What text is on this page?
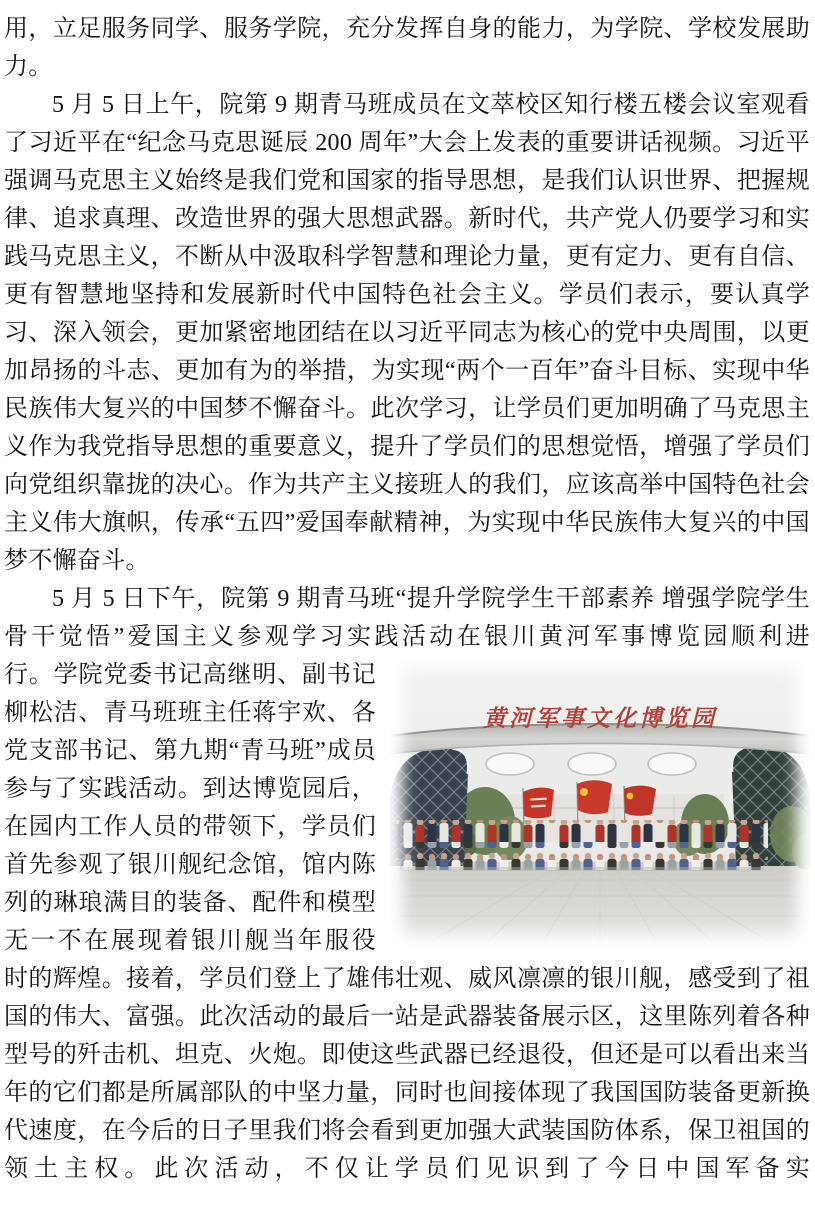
用，立足服务同学、服务学院，充分发挥自身的能力，为学院、学校发展助力。

5 月 5 日上午，院第 9 期青马班成员在文萃校区知行楼五楼会议室观看了习近平在“纪念马克思诞辰 200 周年”大会上发表的重要讲话视频。习近平强调马克思主义始终是我们党和国家的指导思想，是我们认识世界、把握规律、追求真理、改造世界的强大思想武器。新时代，共产党人仍要学习和实践马克思主义，不断从中汲取科学智慧和理论力量，更有定力、更有自信、更有智慧地坚持和发展新时代中国特色社会主义。学员们表示，要认真学习、深入领会，更加紧密地团结在以习近平同志为核心的党中央周围，以更加昂扬的斗志、更加有为的举措，为实现“两个一百年”奋斗目标、实现中华民族伟大复兴的中国梦不懈奋斗。此次学习，让学员们更加明确了马克思主义作为我党指导思想的重要意义，提升了学员们的思想觉悟，增强了学员们向党组织靠拢的决心。作为共产主义接班人的我们，应该高举中国特色社会主义伟大旗帜，传承“五四”爱国奉献精神，为实现中华民族伟大复兴的中国梦不懈奋斗。

5 月 5 日下午，院第 9 期青马班“提升学院学生干部素养 增强学院学生骨干觉悟”爱国主义参观学习实践活动在银川黄河军事博览园顺利进

黄河军事文化博览园

行。学院党委书记高继明、副书记柳松洁、青马班班主任蒋宇欢、各党支部书记、第九期“青马班”成员参与了实践活动。到达博览园后，在园内工作人员的带领下，学员们首先参观了银川舰纪念馆，馆内陈列的琳琅满目的装备、配件和模型无一不在展现着银川舰当年服役

时的辉煌。接着，学员们登上了雄伟壮观、威风凛凛的银川舰，感受到了祖国的伟大、富强。此次活动的最后一站是武器装备展示区，这里陈列着各种型号的歼击机、坦克、火炮。即使这些武器已经退役，但还是可以看出来当年的它们都是所属部队的中坚力量，同时也间接体现了我国国防装备更新换代速度，在今后的日子里我们将会看到更加强大武装国防体系，保卫祖国的领土主权。此次活动，不仅让学员们见识到了今日中国军备实
